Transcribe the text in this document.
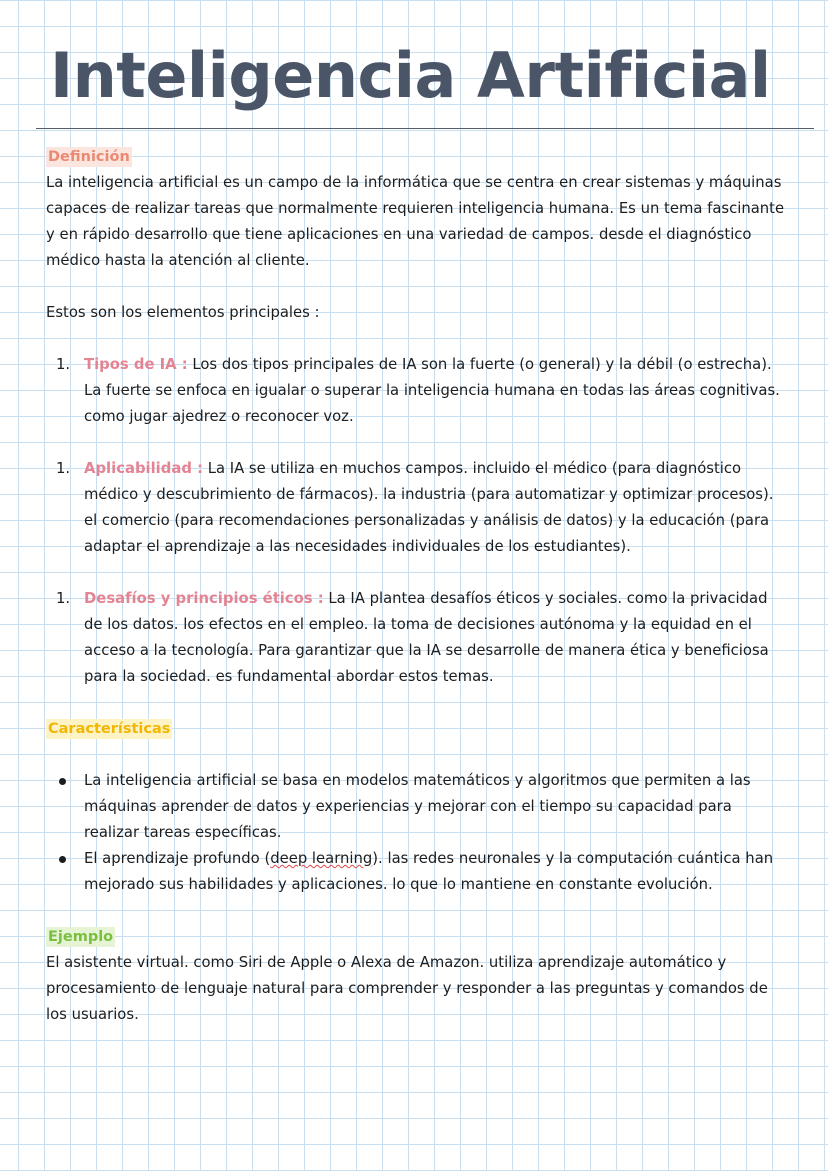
Inteligencia Artificial
Definición

La inteligencia artificial es un campo de la informática que se centra en crear sistemas y máquinas capaces de realizar tareas que normalmente requieren inteligencia humana. Es un tema fascinante y en rápido desarrollo que tiene aplicaciones en una variedad de campos. desde el diagnóstico médico hasta la atención al cliente.

Estos son los elementos principales :

1. Tipos de IA : Los dos tipos principales de IA son la fuerte (o general) y la débil (o estrecha). La fuerte se enfoca en igualar o superar la inteligencia humana en todas las áreas cognitivas. como jugar ajedrez o reconocer voz.
1. Aplicabilidad : La IA se utiliza en muchos campos. incluido el médico (para diagnóstico médico y descubrimiento de fármacos). la industria (para automatizar y optimizar procesos). el comercio (para recomendaciones personalizadas y análisis de datos) y la educación (para adaptar el aprendizaje a las necesidades individuales de los estudiantes).
1. Desafíos y principios éticos : La IA plantea desafíos éticos y sociales. como la privacidad de los datos. los efectos en el empleo. la toma de decisiones autónoma y la equidad en el acceso a la tecnología. Para garantizar que la IA se desarrolle de manera ética y beneficiosa para la sociedad. es fundamental abordar estos temas.
Características
La inteligencia artificial se basa en modelos matemáticos y algoritmos que permiten a las máquinas aprender de datos y experiencias y mejorar con el tiempo su capacidad para realizar tareas específicas.
El aprendizaje profundo (deep learning). las redes neuronales y la computación cuántica han mejorado sus habilidades y aplicaciones. lo que lo mantiene en constante evolución.
Ejemplo

El asistente virtual. como Siri de Apple o Alexa de Amazon. utiliza aprendizaje automático y procesamiento de lenguaje natural para comprender y responder a las preguntas y comandos de los usuarios.
